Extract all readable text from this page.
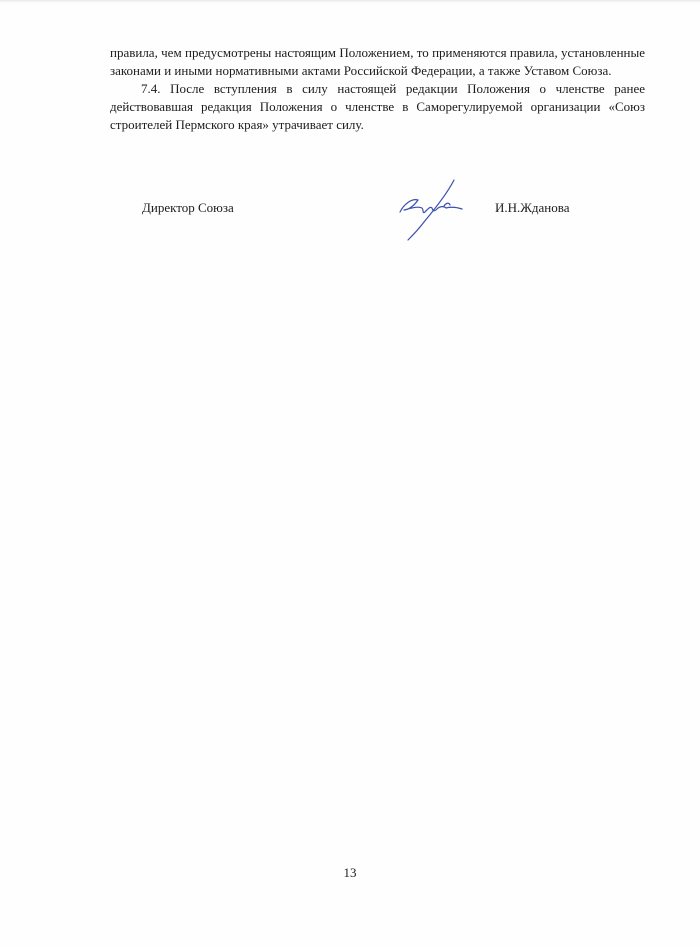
правила, чем предусмотрены настоящим Положением, то применяются правила, установленные законами и иными нормативными актами Российской Федерации, а также Уставом Союза.

7.4. После вступления в силу настоящей редакции Положения о членстве ранее действовавшая редакция Положения о членстве в Саморегулируемой организации «Союз строителей Пермского края» утрачивает силу.

Директор Союза	И.Н.Жданова
13
